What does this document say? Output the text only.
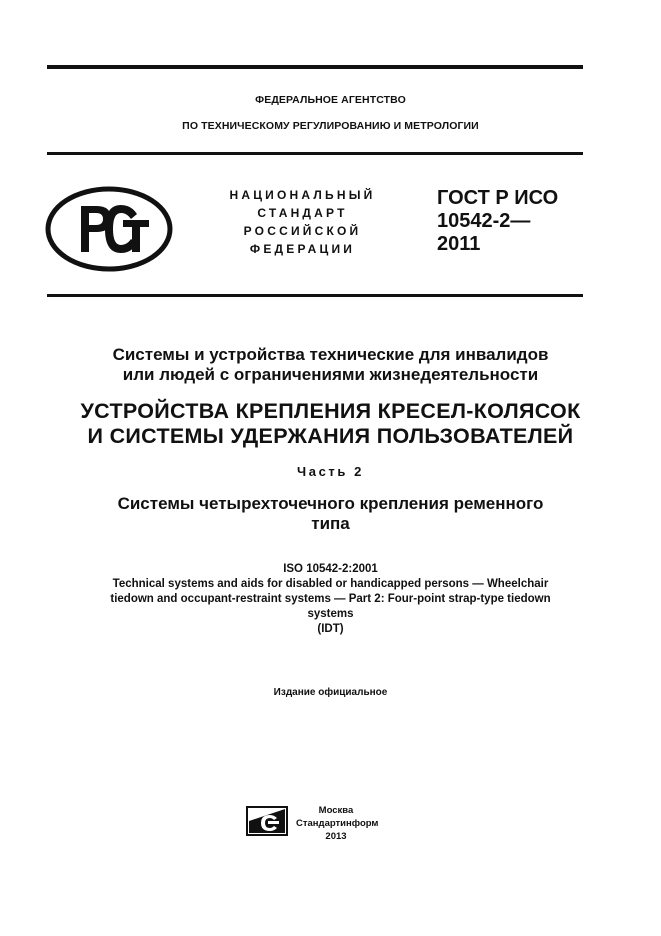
ФЕДЕРАЛЬНОЕ АГЕНТСТВО
ПО ТЕХНИЧЕСКОМУ РЕГУЛИРОВАНИЮ И МЕТРОЛОГИИ
НАЦИОНАЛЬНЫЙ
СТАНДАРТ
РОССИЙСКОЙ
ФЕДЕРАЦИИ
ГОСТ Р ИСО
10542-2—
2011
Системы и устройства технические для инвалидов
или людей с ограничениями жизнедеятельности
УСТРОЙСТВА КРЕПЛЕНИЯ КРЕСЕЛ-КОЛЯСОК
И СИСТЕМЫ УДЕРЖАНИЯ ПОЛЬЗОВАТЕЛЕЙ
Часть 2
Системы четырехточечного крепления ременного
типа
ISO 10542-2:2001
Technical systems and aids for disabled or handicapped persons — Wheelchair
tiedown and occupant-restraint systems — Part 2: Four-point strap-type tiedown
systems
(IDT)
Издание официальное
Москва
Стандартинформ
2013
